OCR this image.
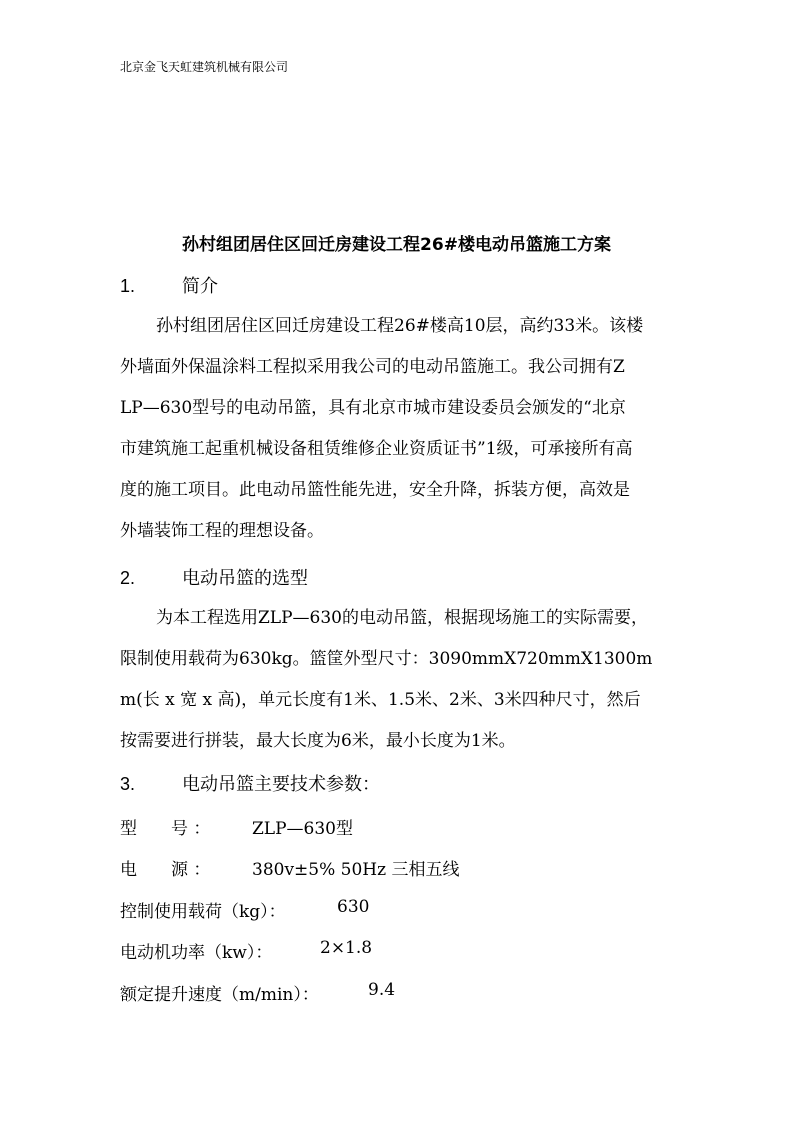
北京金飞天虹建筑机械有限公司
孙村组团居住区回迁房建设工程26#楼电动吊篮施工方案
1.	简介
孙村组团居住区回迁房建设工程26#楼高10层，高约33米。该楼
外墙面外保温涂料工程拟采用我公司的电动吊篮施工。我公司拥有Z
LP—630型号的电动吊篮，具有北京市城市建设委员会颁发的“北京
市建筑施工起重机械设备租赁维修企业资质证书”1级，可承接所有高
度的施工项目。此电动吊篮性能先进，安全升降，拆装方便，高效是
外墙装饰工程的理想设备。
2.	电动吊篮的选型
为本工程选用ZLP—630的电动吊篮，根据现场施工的实际需要，
限制使用载荷为630kg。篮筐外型尺寸：3090mmX720mmX1300m
m(长 x 宽 x 高)，单元长度有1米、1.5米、2米、3米四种尺寸，然后
按需要进行拼装，最大长度为6米，最小长度为1米。
3.	电动吊篮主要技术参数：
型　　号 ： ZLP—630型
电　　源 ： 380v±5% 50Hz 三相五线
控制使用载荷（kg）：	630
电动机功率（kw）：	2×1.8
额定提升速度（m/min）：	9.4
